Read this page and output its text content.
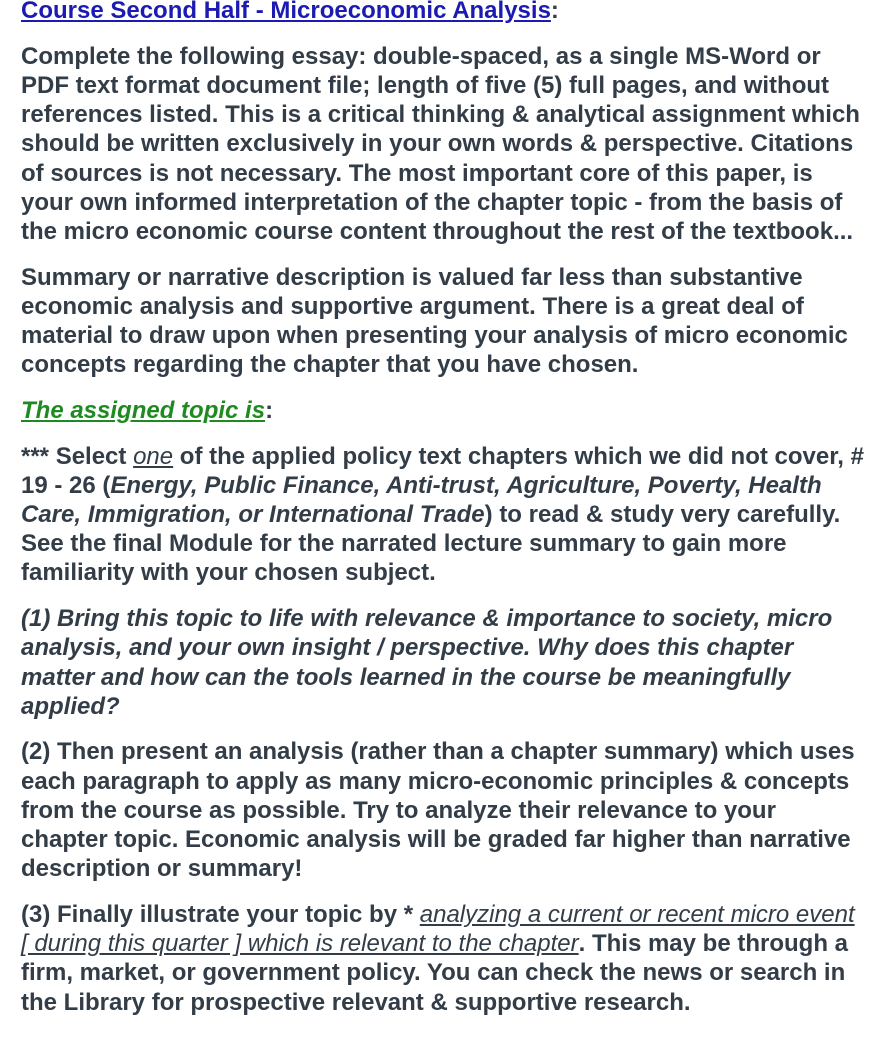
Course Second Half - Microeconomic Analysis:

Complete the following essay: double-spaced, as a single MS-Word or PDF text format document file; length of five (5) full pages, and without references listed. This is a critical thinking & analytical assignment which should be written exclusively in your own words & perspective. Citations of sources is not necessary. The most important core of this paper, is your own informed interpretation of the chapter topic - from the basis of the micro economic course content throughout the rest of the textbook...

Summary or narrative description is valued far less than substantive economic analysis and supportive argument. There is a great deal of material to draw upon when presenting your analysis of micro economic concepts regarding the chapter that you have chosen.

The assigned topic is:

*** Select one of the applied policy text chapters which we did not cover, # 19 - 26 (Energy, Public Finance, Anti-trust, Agriculture, Poverty, Health Care, Immigration, or International Trade) to read & study very carefully. See the final Module for the narrated lecture summary to gain more familiarity with your chosen subject.

(1) Bring this topic to life with relevance & importance to society, micro analysis, and your own insight / perspective. Why does this chapter matter and how can the tools learned in the course be meaningfully applied?

(2) Then present an analysis (rather than a chapter summary) which uses each paragraph to apply as many micro-economic principles & concepts from the course as possible. Try to analyze their relevance to your chapter topic. Economic analysis will be graded far higher than narrative description or summary!

(3) Finally illustrate your topic by * analyzing a current or recent micro event [ during this quarter ] which is relevant to the chapter. This may be through a firm, market, or government policy. You can check the news or search in the Library for prospective relevant & supportive research.
